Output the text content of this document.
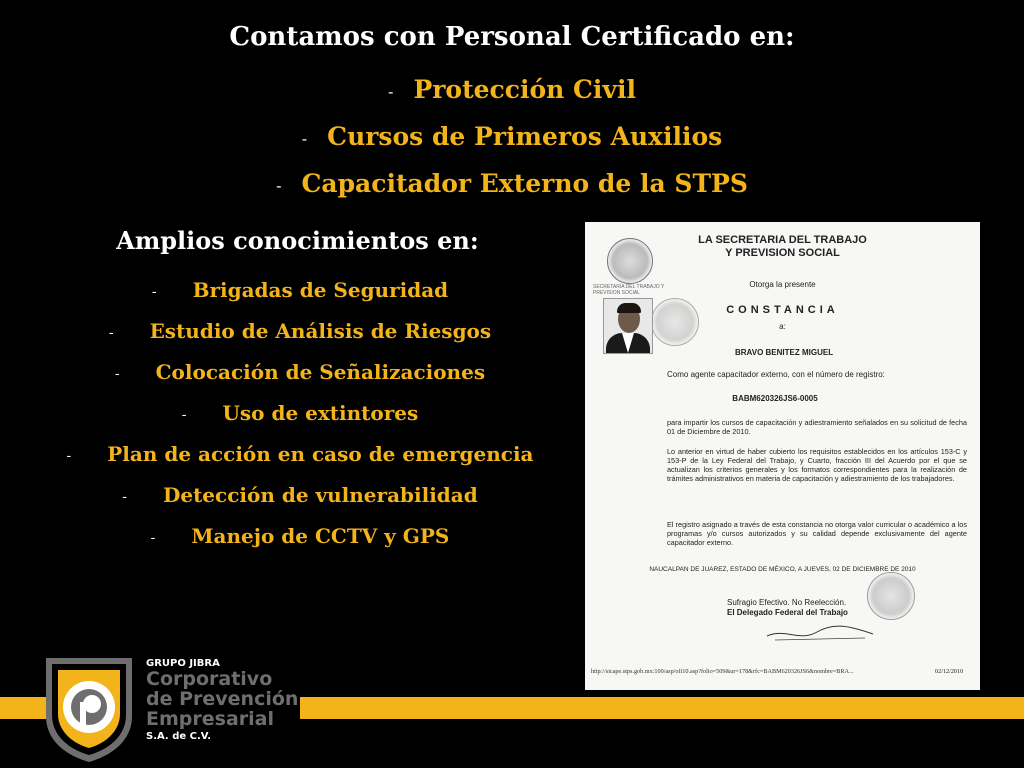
Contamos con Personal Certificado en:
- Protección Civil
- Cursos de Primeros Auxilios
- Capacitador Externo de la STPS
Amplios conocimientos en:
- Brigadas de Seguridad
- Estudio de Análisis de Riesgos
- Colocación de Señalizaciones
- Uso de extintores
- Plan de acción en caso de emergencia
- Detección de vulnerabilidad
- Manejo de CCTV y GPS
SECRETARIA DEL TRABAJO Y PREVISION SOCIAL
LA SECRETARIA DEL TRABAJO
Y PREVISION SOCIAL
Otorga la presente
CONSTANCIA
a:
BRAVO BENITEZ MIGUEL
Como agente capacitador externo, con el número de registro:
BABM620326JS6-0005
para impartir los cursos de capacitación y adiestramiento señalados en su solicitud de fecha 01 de Diciembre de 2010.
Lo anterior en virtud de haber cubierto los requisitos establecidos en los artículos 153-C y 153-P de la Ley Federal del Trabajo, y Cuarto, fracción III del Acuerdo por el que se actualizan los criterios generales y los formatos correspondientes para la realización de trámites administrativos en materia de capacitación y adiestramiento de los trabajadores.
El registro asignado a través de esta constancia no otorga valor curricular o académico a los programas y/o cursos autorizados y su calidad depende exclusivamente del agente capacitador externo.
NAUCALPAN DE JUAREZ, ESTADO DE MÉXICO, A JUEVES, 02 DE DICIEMBRE DE 2010
Sufragio Efectivo. No Reelección.
El Delegado Federal del Trabajo
http://sicape.stps.gob.mx:100/asp/ofi10.asp?folio=509&ur=178&rfc=BABM620326JS6&nombre=BRA...	02/12/2010
GRUPO JIBRA
Corporativo
de Prevención
Empresarial
S.A. de C.V.
